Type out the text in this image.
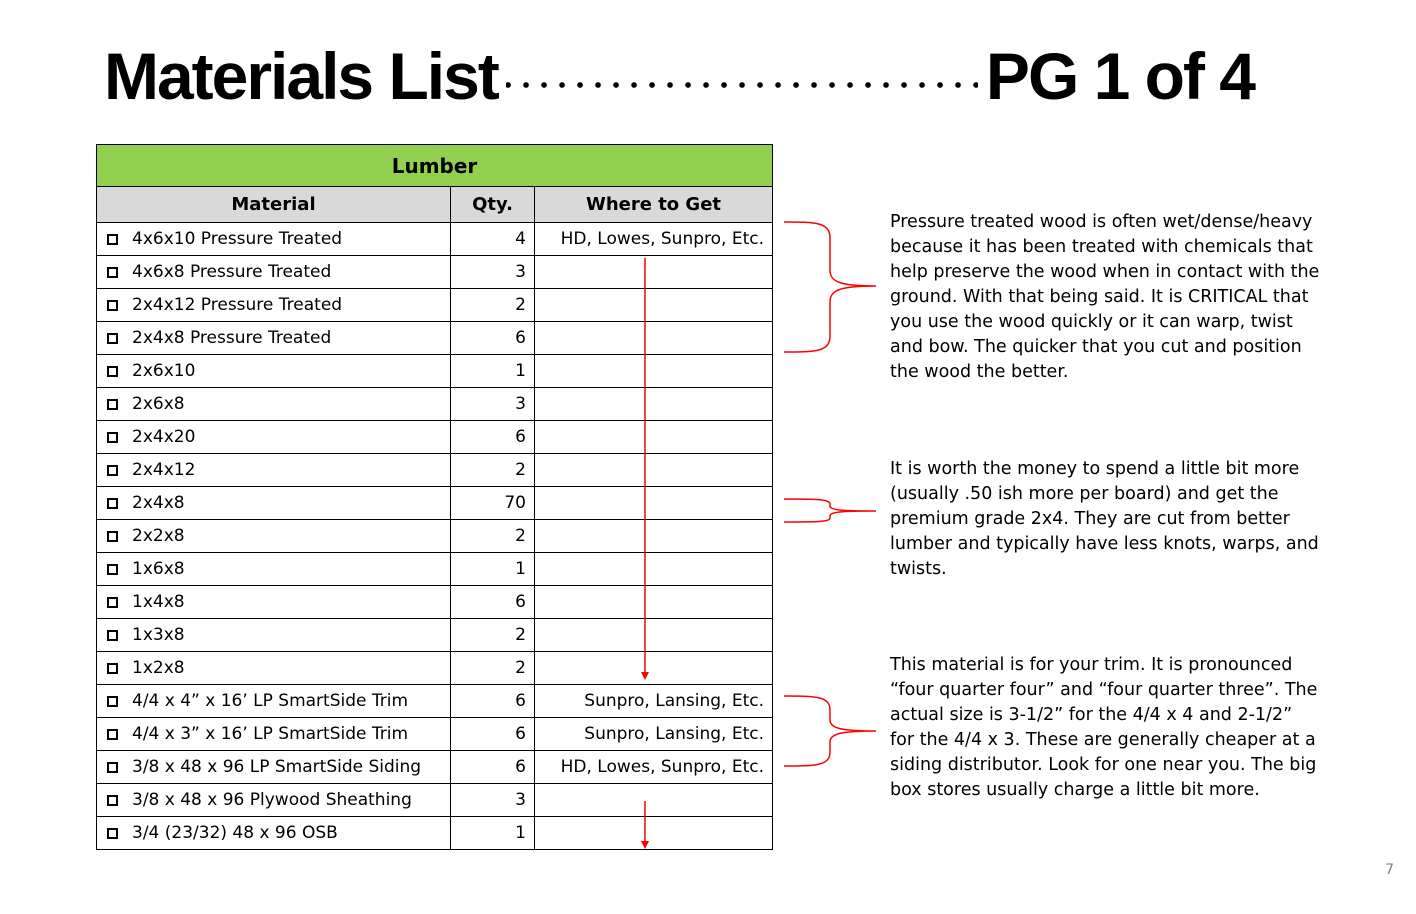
Materials List	PG 1 of 4
Lumber		
Material	Qty.	Where to Get
4x6x10 Pressure Treated	4	HD, Lowes, Sunpro, Etc.
4x6x8 Pressure Treated	3	
2x4x12 Pressure Treated	2	
2x4x8 Pressure Treated	6	
2x6x10	1	
2x6x8	3	
2x4x20	6	
2x4x12	2	
2x4x8	70	
2x2x8	2	
1x6x8	1	
1x4x8	6	
1x3x8	2	
1x2x8	2	
4/4 x 4” x 16’ LP SmartSide Trim	6	Sunpro, Lansing, Etc.
4/4 x 3” x 16’ LP SmartSide Trim	6	Sunpro, Lansing, Etc.
3/8 x 48 x 96 LP SmartSide Siding	6	HD, Lowes, Sunpro, Etc.
3/8 x 48 x 96 Plywood Sheathing	3	
3/4 (23/32) 48 x 96 OSB	1	
Pressure treated wood is often wet/dense/heavy because it has been treated with chemicals that help preserve the wood when in contact with the ground. With that being said. It is CRITICAL that you use the wood quickly or it can warp, twist and bow. The quicker that you cut and position the wood the better.
It is worth the money to spend a little bit more (usually .50 ish more per board) and get the premium grade 2x4. They are cut from better lumber and typically have less knots, warps, and twists.
This material is for your trim. It is pronounced “four quarter four” and “four quarter three”. The actual size is 3-1/2” for the 4/4 x 4 and 2-1/2” for the 4/4 x 3. These are generally cheaper at a siding distributor. Look for one near you. The big box stores usually charge a little bit more.
7
